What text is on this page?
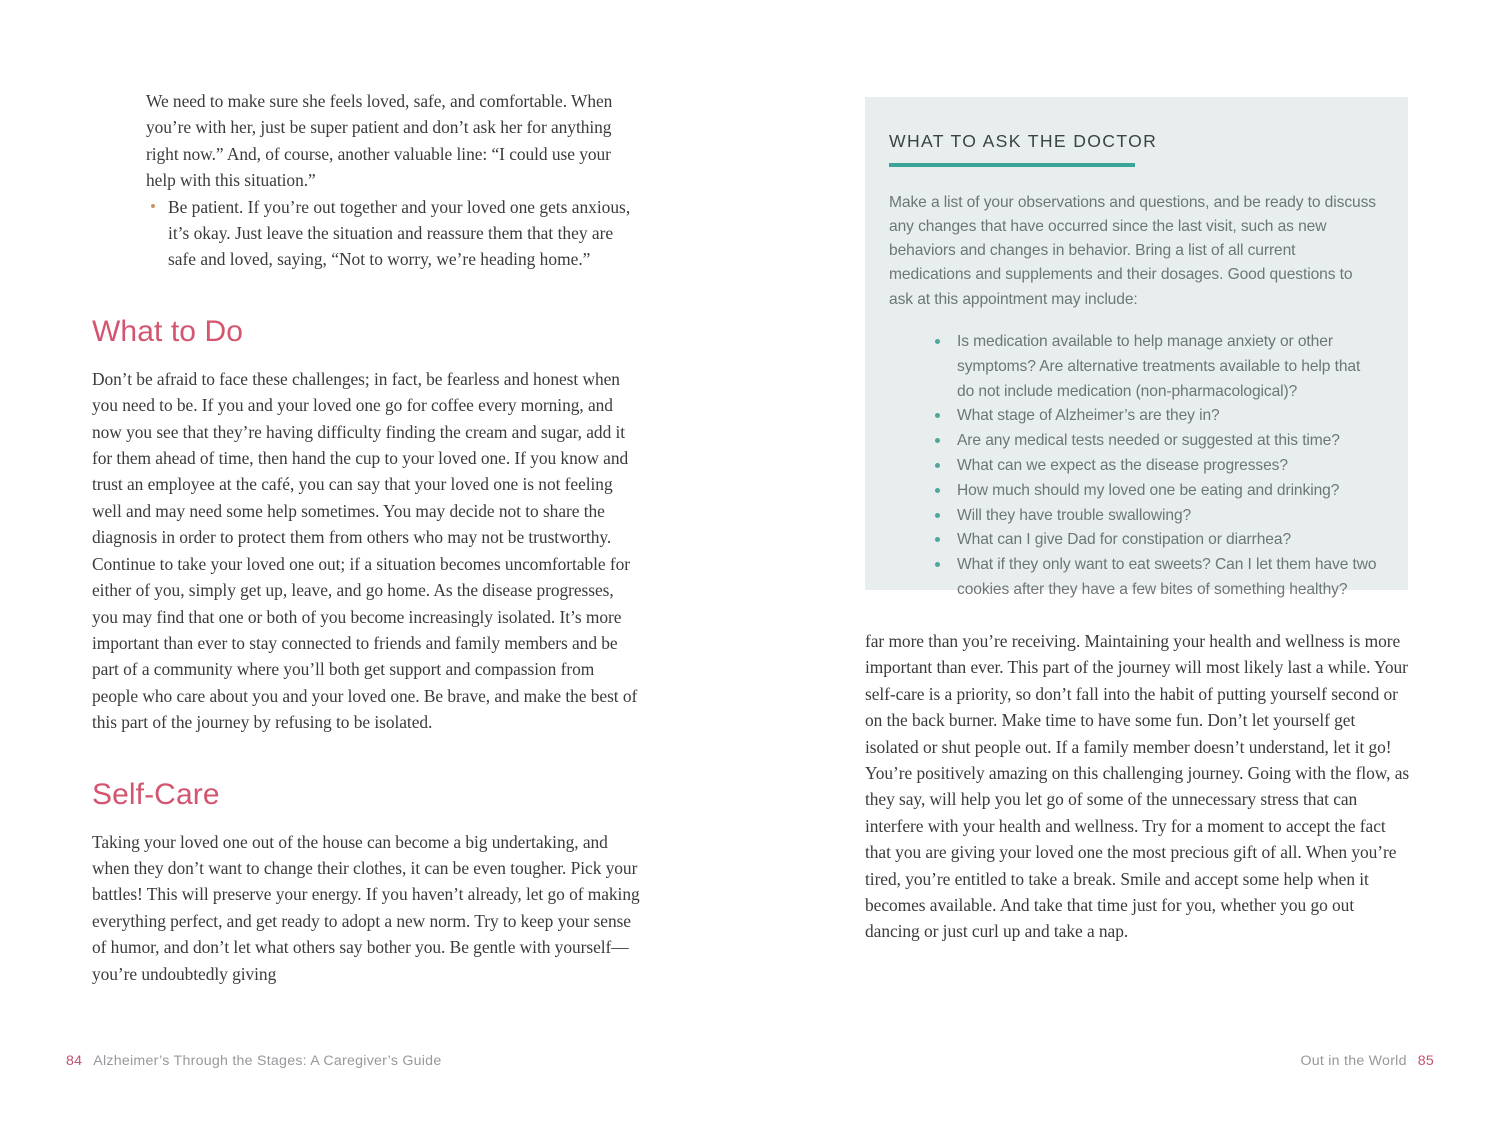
We need to make sure she feels loved, safe, and comfortable. When you’re with her, just be super patient and don’t ask her for anything right now.” And, of course, another valuable line: “I could use your help with this situation.”

Be patient. If you’re out together and your loved one gets anxious, it’s okay. Just leave the situation and reassure them that they are safe and loved, saying, “Not to worry, we’re heading home.”
What to Do

Don’t be afraid to face these challenges; in fact, be fearless and honest when you need to be. If you and your loved one go for coffee every morning, and now you see that they’re having difficulty finding the cream and sugar, add it for them ahead of time, then hand the cup to your loved one. If you know and trust an employee at the café, you can say that your loved one is not feeling well and may need some help sometimes. You may decide not to share the diagnosis in order to protect them from others who may not be trustworthy. Continue to take your loved one out; if a situation becomes uncomfortable for either of you, simply get up, leave, and go home. As the disease progresses, you may find that one or both of you become increasingly isolated. It’s more important than ever to stay connected to friends and family members and be part of a community where you’ll both get support and compassion from people who care about you and your loved one. Be brave, and make the best of this part of the journey by refusing to be isolated.

Self-Care

Taking your loved one out of the house can become a big undertaking, and when they don’t want to change their clothes, it can be even tougher. Pick your battles! This will preserve your energy. If you haven’t already, let go of making everything perfect, and get ready to adopt a new norm. Try to keep your sense of humor, and don’t let what others say bother you. Be gentle with yourself—you’re undoubtedly giving

WHAT TO ASK THE DOCTOR

Make a list of your observations and questions, and be ready to discuss any changes that have occurred since the last visit, such as new behaviors and changes in behavior. Bring a list of all current medications and supplements and their dosages. Good questions to ask at this appointment may include:

Is medication available to help manage anxiety or other symptoms? Are alternative treatments available to help that do not include medication (non-pharmacological)?
What stage of Alzheimer’s are they in?
Are any medical tests needed or suggested at this time?
What can we expect as the disease progresses?
How much should my loved one be eating and drinking?
Will they have trouble swallowing?
What can I give Dad for constipation or diarrhea?
What if they only want to eat sweets? Can I let them have two cookies after they have a few bites of something healthy?

far more than you’re receiving. Maintaining your health and wellness is more important than ever. This part of the journey will most likely last a while. Your self-care is a priority, so don’t fall into the habit of putting yourself second or on the back burner. Make time to have some fun. Don’t let yourself get isolated or shut people out. If a family member doesn’t understand, let it go! You’re positively amazing on this challenging journey. Going with the flow, as they say, will help you let go of some of the unnecessary stress that can interfere with your health and wellness. Try for a moment to accept the fact that you are giving your loved one the most precious gift of all. When you’re tired, you’re entitled to take a break. Smile and accept some help when it becomes available. And take that time just for you, whether you go out dancing or just curl up and take a nap.

84 Alzheimer’s Through the Stages: A Caregiver’s Guide	Out in the World 85
